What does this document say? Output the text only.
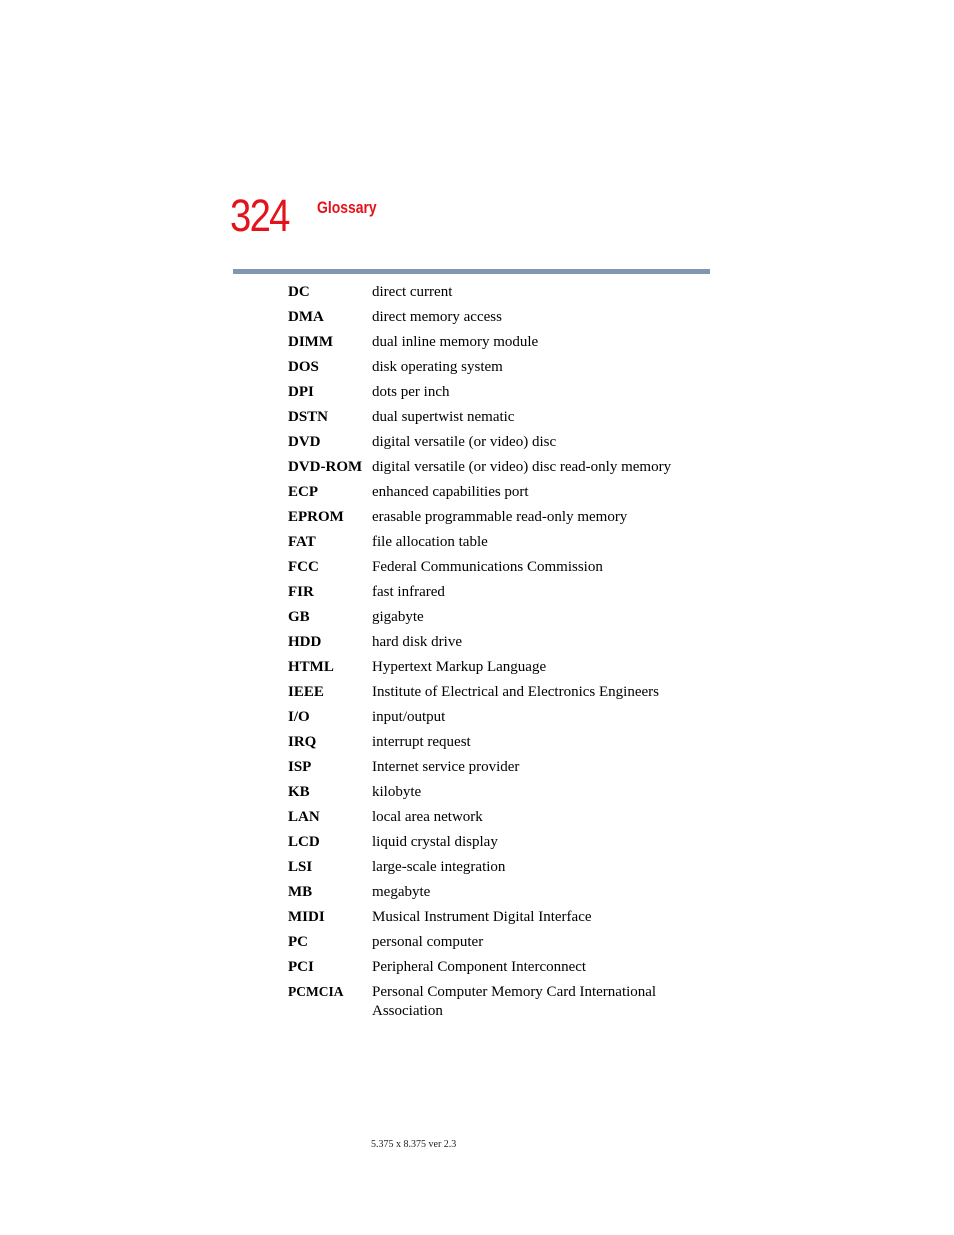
324 Glossary
DC	direct current
DMA	direct memory access
DIMM	dual inline memory module
DOS	disk operating system
DPI	dots per inch
DSTN	dual supertwist nematic
DVD	digital versatile (or video) disc
DVD-ROM digital versatile (or video) disc read-only memory
ECP	enhanced capabilities port
EPROM	erasable programmable read-only memory
FAT	file allocation table
FCC	Federal Communications Commission
FIR	fast infrared
GB	gigabyte
HDD	hard disk drive
HTML	Hypertext Markup Language
IEEE	Institute of Electrical and Electronics Engineers
I/O	input/output
IRQ	interrupt request
ISP	Internet service provider
KB	kilobyte
LAN	local area network
LCD	liquid crystal display
LSI	large-scale integration
MB	megabyte
MIDI	Musical Instrument Digital Interface
PC	personal computer
PCI	Peripheral Component Interconnect
PCMCIA	Personal Computer Memory Card International Association
5.375 x 8.375 ver 2.3
